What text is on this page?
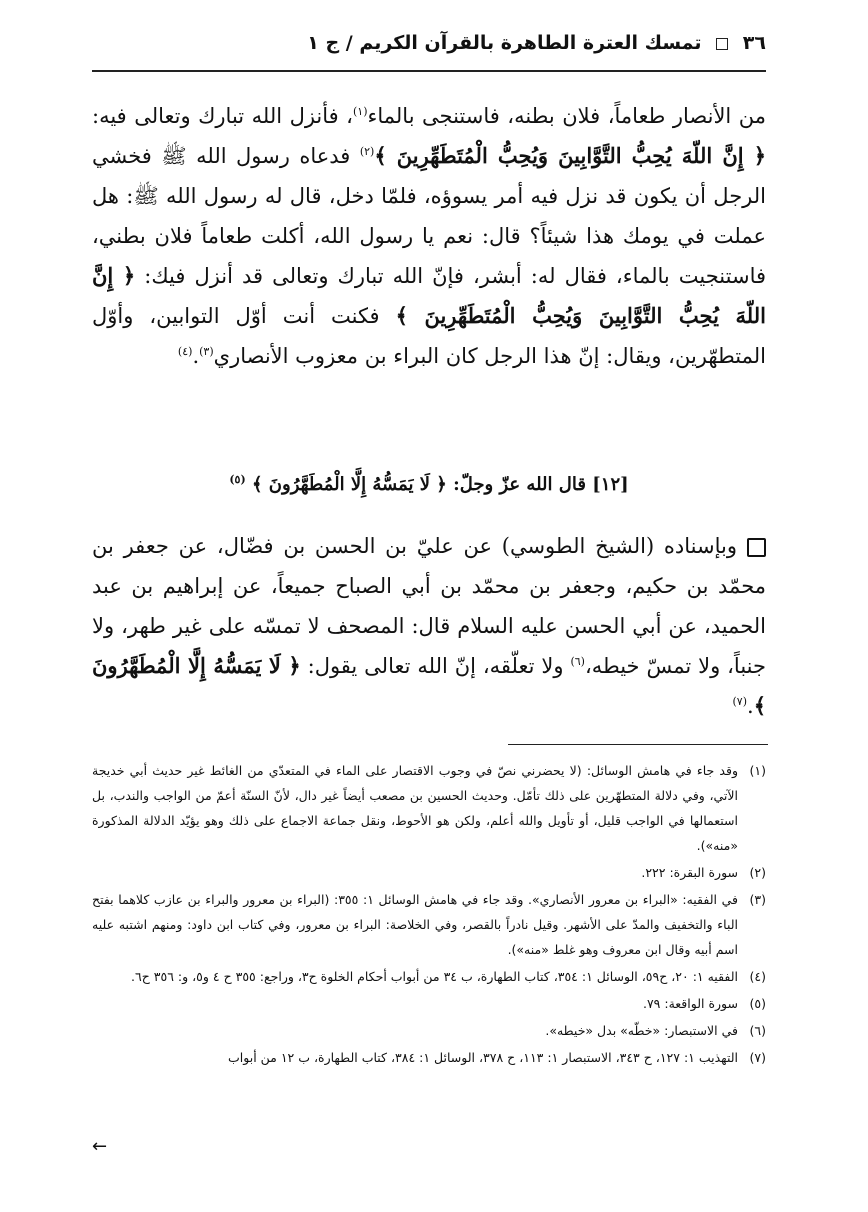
٣٦  تمسك العترة الطاهرة بالقرآن الكريم / ج ١

من الأنصار طعاماً، فلان بطنه، فاستنجى بالماء$^{(١)}$، فأنزل الله تبارك وتعالى فيه: ﴿ إِنَّ اللّهَ يُحِبُّ التَّوَّابِينَ وَيُحِبُّ الْمُتَطَهِّرِينَ ﴾$^{(٢)}$ فدعاه رسول الله ﷺ فخشي الرجل أن يكون قد نزل فيه أمر يسوؤه، فلمّا دخل، قال له رسول الله ﷺ: هل عملت في يومك هذا شيئاً؟ قال: نعم يا رسول الله، أكلت طعاماً فلان بطني، فاستنجيت بالماء، فقال له: أبشر، فإنّ الله تبارك وتعالى قد أنزل فيك: ﴿ إِنَّ اللّهَ يُحِبُّ التَّوَّابِينَ وَيُحِبُّ الْمُتَطَهِّرِينَ ﴾ فكنت أنت أوّل التوابين، وأوّل المتطهّرين، ويقال: إنّ هذا الرجل كان البراء بن معزوب الأنصاري$^{(٣)}$.$^{(٤)}$

[١٢] قال الله عزّ وجلّ: ﴿ لَا يَمَسُّهُ إِلَّا الْمُطَهَّرُونَ ﴾ $^{(٥)}$
وبإسناده (الشيخ الطوسي) عن عليّ بن الحسن بن فضّال، عن جعفر بن محمّد بن حكيم، وجعفر بن محمّد بن أبي الصباح جميعاً، عن إبراهيم بن عبد الحميد، عن أبي الحسن عليه السلام قال: المصحف لا تمسّه على غير طهر، ولا جنباً، ولا تمسّ خيطه،$^{(٦)}$ ولا تعلّقه، إنّ الله تعالى يقول: ﴿ لَا يَمَسُّهُ إِلَّا الْمُطَهَّرُونَ ﴾.$^{(٧)}$
(١)
وقد جاء في هامش الوسائل: (لا يحضرني نصّ في وجوب الاقتصار على الماء في المتعدّي من الغائط غير حديث أبي خديجة الآتي، وفي دلالة المتطهّرين على ذلك تأمّل. وحديث الحسين بن مصعب أيضاً غير دال، لأنّ السنّة أعمّ من الواجب والندب، بل استعمالها في الواجب قليل، أو تأويل والله أعلم، ولكن هو الأحوط، ونقل جماعة الاجماع على ذلك وهو يؤيّد الدلالة المذكورة «منه»).
(٢)
سورة البقرة: ٢٢٢.
(٣)
في الفقيه: «البراء بن معرور الأنصاري». وقد جاء في هامش الوسائل ١: ٣٥٥: (البراء بن معرور والبراء بن عازب كلاهما بفتح الباء والتخفيف والمدّ على الأشهر. وقيل نادراً بالقصر، وفي الخلاصة: البراء بن معرور، وفي كتاب ابن داود: ومنهم اشتبه عليه اسم أبيه وقال ابن معروف وهو غلط «منه»).
(٤)
الفقيه ١: ٢٠، ح٥٩، الوسائل ١: ٣٥٤، كتاب الطهارة، ب ٣٤ من أبواب أحكام الخلوة ح٣، وراجع: ٣٥٥ ح ٤ و٥، و: ٣٥٦ ح٦.
(٥)
سورة الواقعة: ٧٩.
(٦)
في الاستبصار: «خطّه» بدل «خيطه».
(٧)
التهذيب ١: ١٢٧، ح ٣٤٣، الاستبصار ١: ١١٣، ح ٣٧٨، الوسائل ١: ٣٨٤، كتاب الطهارة، ب ١٢ من أبواب
←
